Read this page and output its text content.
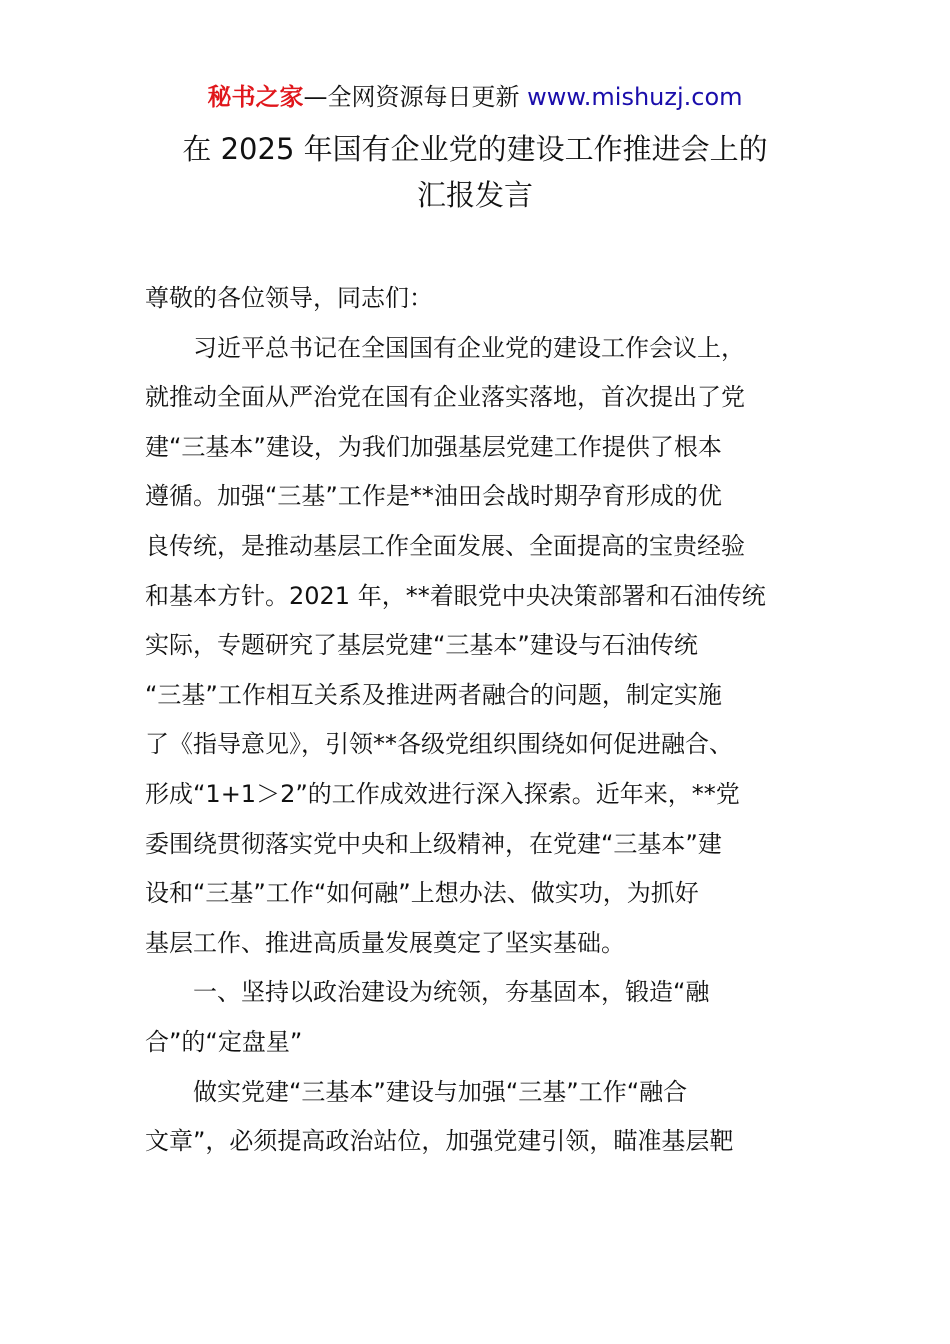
秘书之家—全网资源每日更新 www.mishuzj.com
在 2025 年国有企业党的建设工作推进会上的
汇报发言
尊敬的各位领导，同志们：
习近平总书记在全国国有企业党的建设工作会议上，
就推动全面从严治党在国有企业落实落地，首次提出了党
建“三基本”建设，为我们加强基层党建工作提供了根本
遵循。加强“三基”工作是**油田会战时期孕育形成的优
良传统，是推动基层工作全面发展、全面提高的宝贵经验
和基本方针。2021 年，**着眼党中央决策部署和石油传统
实际，专题研究了基层党建“三基本”建设与石油传统
“三基”工作相互关系及推进两者融合的问题，制定实施
了《指导意见》，引领**各级党组织围绕如何促进融合、
形成“1+1＞2”的工作成效进行深入探索。近年来，**党
委围绕贯彻落实党中央和上级精神，在党建“三基本”建
设和“三基”工作“如何融”上想办法、做实功，为抓好
基层工作、推进高质量发展奠定了坚实基础。
一、坚持以政治建设为统领，夯基固本，锻造“融
合”的“定盘星”
做实党建“三基本”建设与加强“三基”工作“融合
文章”，必须提高政治站位，加强党建引领，瞄准基层靶
